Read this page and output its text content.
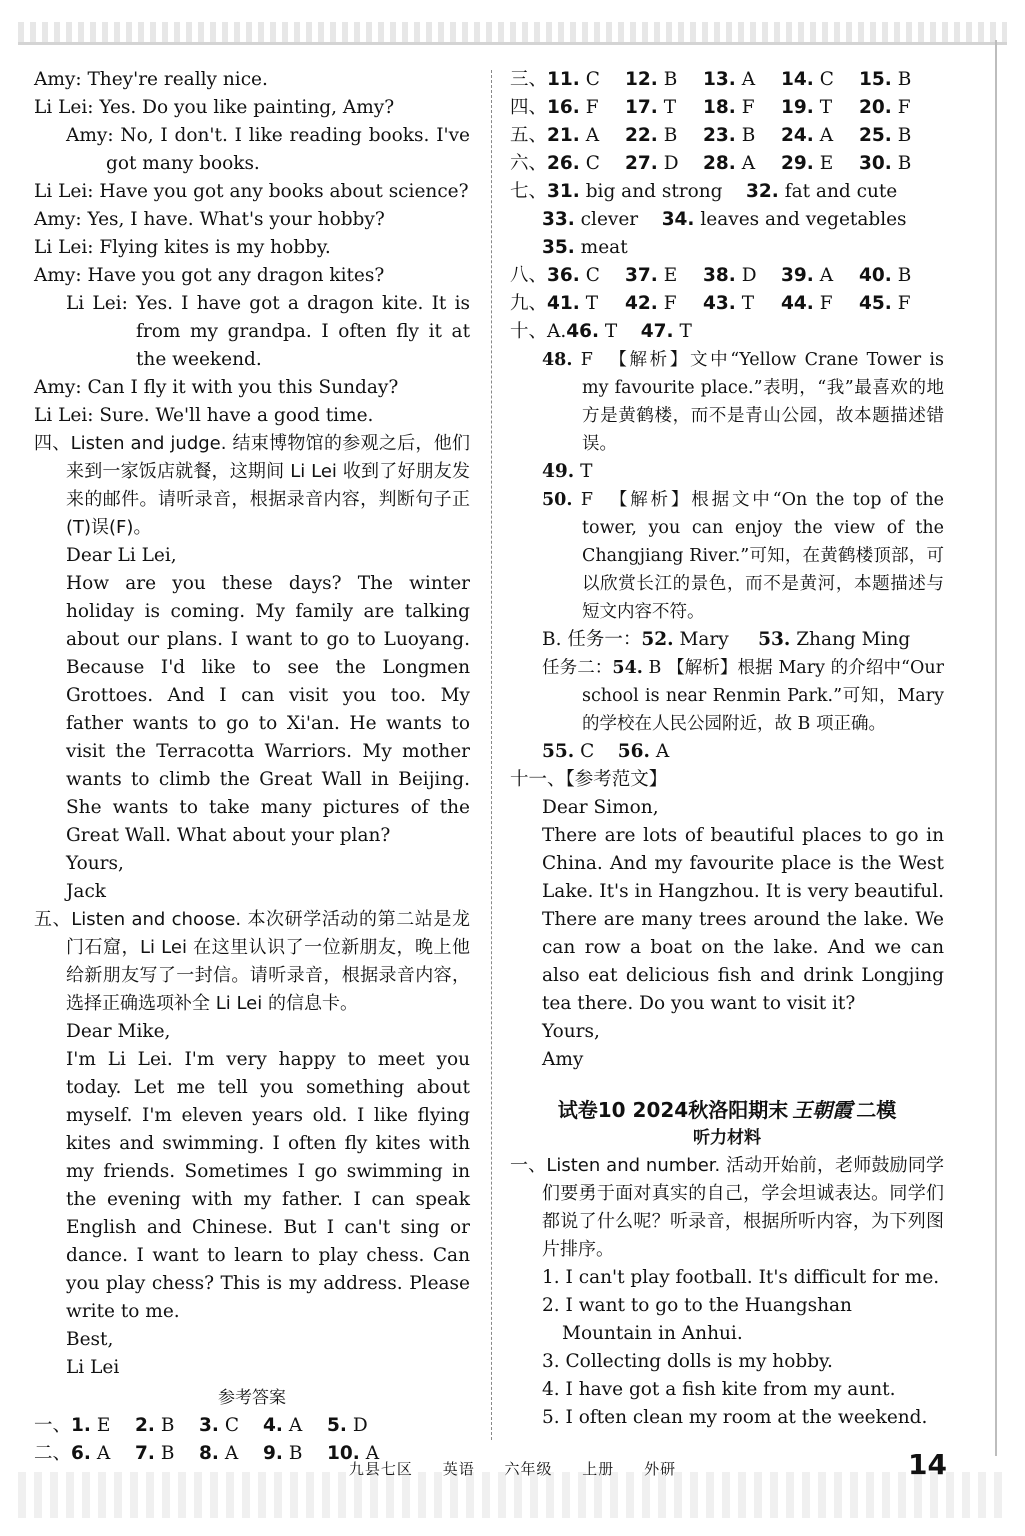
Amy: They're really nice.

Li Lei: Yes. Do you like painting, Amy?

Amy: No, I don't. I like reading books. I've got many books.

Li Lei: Have you got any books about science?

Amy: Yes, I have. What's your hobby?

Li Lei: Flying kites is my hobby.

Amy: Have you got any dragon kites?

Li Lei: Yes. I have got a dragon kite. It is from my grandpa. I often fly it at the weekend.

Amy: Can I fly it with you this Sunday?

Li Lei: Sure. We'll have a good time.

四、Listen and judge. 结束博物馆的参观之后，他们来到一家饭店就餐，这期间 Li Lei 收到了好朋友发来的邮件。请听录音，根据录音内容，判断句子正(T)误(F)。

Dear Li Lei,

How are you these days? The winter holiday is coming. My family are talking about our plans. I want to go to Luoyang. Because I'd like to see the Longmen Grottoes. And I can visit you too. My father wants to go to Xi'an. He wants to visit the Terracotta Warriors. My mother wants to climb the Great Wall in Beijing. She wants to take many pictures of the Great Wall. What about your plan?

Yours,

Jack

五、Listen and choose. 本次研学活动的第二站是龙门石窟，Li Lei 在这里认识了一位新朋友，晚上他给新朋友写了一封信。请听录音，根据录音内容，选择正确选项补全 Li Lei 的信息卡。

Dear Mike,

I'm Li Lei. I'm very happy to meet you today. Let me tell you something about myself. I'm eleven years old. I like flying kites and swimming. I often fly kites with my friends. Sometimes I go swimming in the evening with my father. I can speak English and Chinese. But I can't sing or dance. I want to learn to play chess. Can you play chess? This is my address. Please write to me.

Best,

Li Lei

参考答案

一、1. E 2. B 3. C 4. A 5. D

二、6. A 7. B 8. A 9. B 10. A

三、11. C 12. B 13. A 14. C 15. B

四、16. F 17. T 18. F 19. T 20. F

五、21. A 22. B 23. B 24. A 25. B

六、26. C 27. D 28. A 29. E 30. B

七、31. big and strong 32. fat and cute

33. clever 34. leaves and vegetables

35. meat

八、36. C 37. E 38. D 39. A 40. B

九、41. T 42. F 43. T 44. F 45. F

十、A.46. T 47. T

48. F 【解析】文中“Yellow Crane Tower is my favourite place.”表明，“我”最喜欢的地方是黄鹤楼，而不是青山公园，故本题描述错误。

49. T

50. F 【解析】根据文中“On the top of the tower, you can enjoy the view of the Changjiang River.”可知，在黄鹤楼顶部，可以欣赏长江的景色，而不是黄河，本题描述与短文内容不符。

B. 任务一：52. Mary 53. Zhang Ming

任务二：54. B 【解析】根据 Mary 的介绍中“Our school is near Renmin Park.”可知，Mary 的学校在人民公园附近，故 B 项正确。

55. C 56. A

十一、【参考范文】

Dear Simon,

There are lots of beautiful places to go in China. And my favourite place is the West Lake. It's in Hangzhou. It is very beautiful. There are many trees around the lake. We can row a boat on the lake. And we can also eat delicious fish and drink Longjing tea there. Do you want to visit it?

Yours,

Amy

试卷10 2024秋洛阳期末 王朝霞 二模

听力材料

一、Listen and number. 活动开始前，老师鼓励同学们要勇于面对真实的自己，学会坦诚表达。同学们都说了什么呢？听录音，根据所听内容，为下列图片排序。

1. I can't play football. It's difficult for me.

2. I want to go to the Huangshan Mountain in Anhui.

3. Collecting dolls is my hobby.

4. I have got a fish kite from my aunt.

5. I often clean my room at the weekend.

九县七区 英语 六年级 上册 外研	14
